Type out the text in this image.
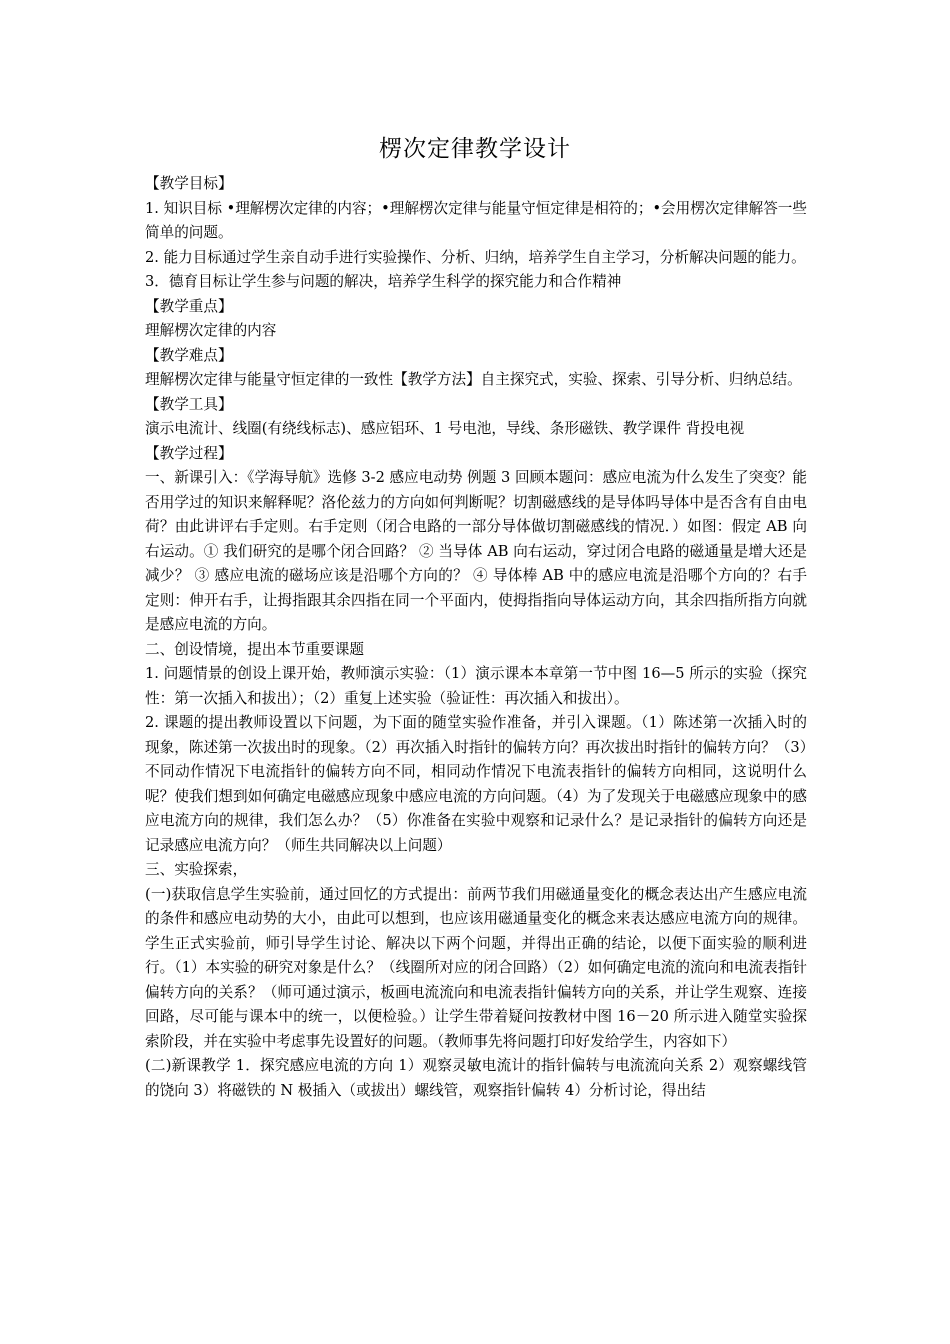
楞次定律教学设计

【教学目标】

1. 知识目标 •理解楞次定律的内容；•理解楞次定律与能量守恒定律是相符的；•会用楞次定律解答一些简单的问题。

2. 能力目标通过学生亲自动手进行实验操作、分析、归纳，培养学生自主学习，分析解决问题的能力。

3．德育目标让学生参与问题的解决，培养学生科学的探究能力和合作精神

【教学重点】

理解楞次定律的内容

【教学难点】

理解楞次定律与能量守恒定律的一致性【教学方法】自主探究式，实验、探索、引导分析、归纳总结。

【教学工具】

演示电流计、线圈(有绕线标志)、感应铝环、1 号电池，导线、条形磁铁、教学课件 背投电视

【教学过程】

一、新课引入：《学海导航》选修 3-2 感应电动势 例题 3 回顾本题问：感应电流为什么发生了突变？能否用学过的知识来解释呢？洛伦兹力的方向如何判断呢？切割磁感线的是导体吗导体中是否含有自由电荷？由此讲评右手定则。右手定则（闭合电路的一部分导体做切割磁感线的情况．）如图：假定 AB 向右运动。① 我们研究的是哪个闭合回路？ ② 当导体 AB 向右运动，穿过闭合电路的磁通量是增大还是减少？ ③ 感应电流的磁场应该是沿哪个方向的？ ④ 导体棒 AB 中的感应电流是沿哪个方向的？右手定则：伸开右手，让拇指跟其余四指在同一个平面内，使拇指指向导体运动方向，其余四指所指方向就是感应电流的方向。

二、创设情境，提出本节重要课题

1. 问题情景的创设上课开始，教师演示实验：（1）演示课本本章第一节中图 16—5 所示的实验（探究性：第一次插入和拔出）；（2）重复上述实验（验证性：再次插入和拔出）。

2. 课题的提出教师设置以下问题，为下面的随堂实验作准备，并引入课题。（1）陈述第一次插入时的现象，陈述第一次拔出时的现象。（2）再次插入时指针的偏转方向？再次拔出时指针的偏转方向？（3）不同动作情况下电流指针的偏转方向不同，相同动作情况下电流表指针的偏转方向相同，这说明什么呢？使我们想到如何确定电磁感应现象中感应电流的方向问题。（4）为了发现关于电磁感应现象中的感应电流方向的规律，我们怎么办？（5）你准备在实验中观察和记录什么？是记录指针的偏转方向还是记录感应电流方向？（师生共同解决以上问题）

三、实验探索，

(一)获取信息学生实验前，通过回忆的方式提出：前两节我们用磁通量变化的概念表达出产生感应电流的条件和感应电动势的大小，由此可以想到，也应该用磁通量变化的概念来表达感应电流方向的规律。学生正式实验前，师引导学生讨论、解决以下两个问题，并得出正确的结论，以便下面实验的顺利进行。（1）本实验的研究对象是什么？（线圈所对应的闭合回路）（2）如何确定电流的流向和电流表指针偏转方向的关系？（师可通过演示，板画电流流向和电流表指针偏转方向的关系，并让学生观察、连接回路，尽可能与课本中的统一，以便检验。）让学生带着疑问按教材中图 16－20 所示进入随堂实验探索阶段，并在实验中考虑事先设置好的问题。（教师事先将问题打印好发给学生，内容如下）

(二)新课教学 1．探究感应电流的方向 1）观察灵敏电流计的指针偏转与电流流向关系 2）观察螺线管的饶向 3）将磁铁的 N 极插入（或拔出）螺线管，观察指针偏转 4）分析讨论，得出结
